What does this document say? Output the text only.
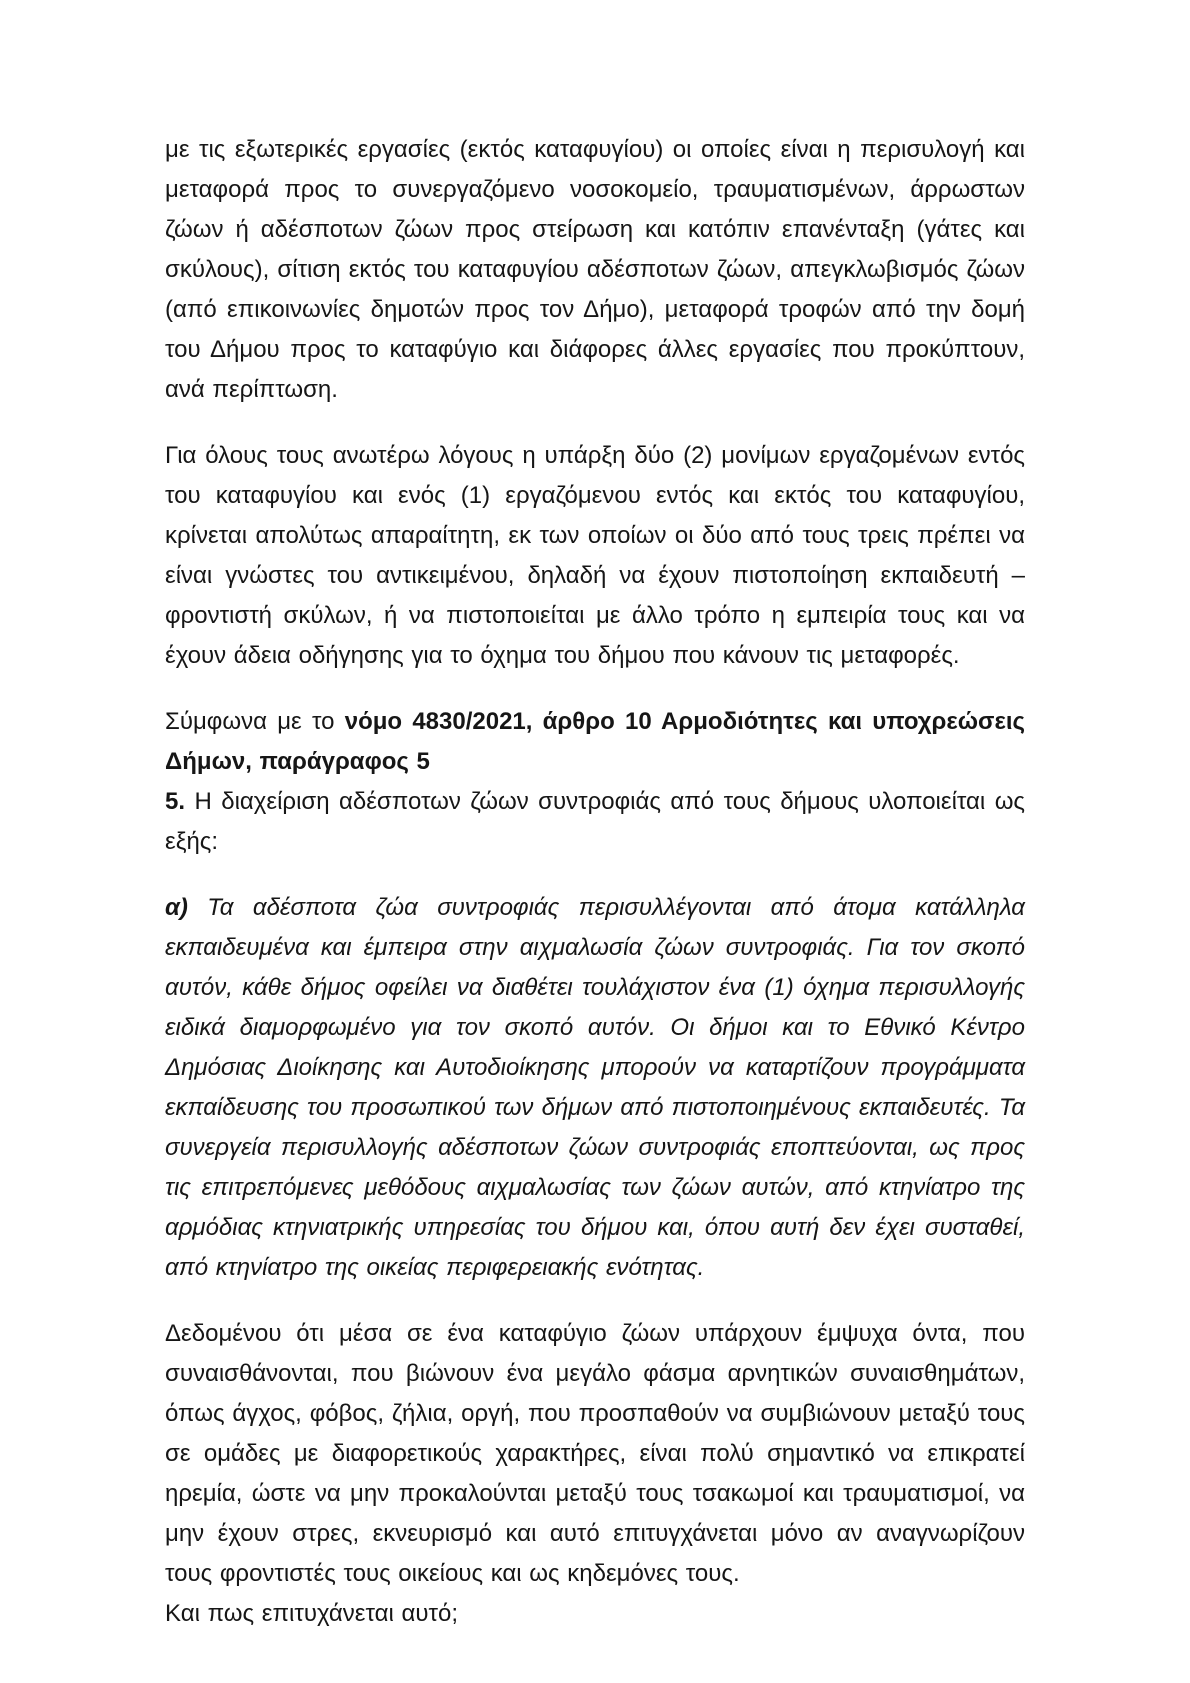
με τις εξωτερικές εργασίες (εκτός καταφυγίου) οι οποίες είναι η περισυλογή και μεταφορά προς το συνεργαζόμενο νοσοκομείο, τραυματισμένων, άρρωστων ζώων ή αδέσποτων ζώων προς στείρωση και κατόπιν επανένταξη (γάτες και σκύλους), σίτιση εκτός του καταφυγίου αδέσποτων ζώων, απεγκλωβισμός ζώων (από επικοινωνίες δημοτών προς τον Δήμο), μεταφορά τροφών από την δομή του Δήμου προς το καταφύγιο και διάφορες άλλες εργασίες που προκύπτουν, ανά περίπτωση.

Για όλους τους ανωτέρω λόγους η υπάρξη δύο (2) μονίμων εργαζομένων εντός του καταφυγίου και ενός (1) εργαζόμενου εντός και εκτός του καταφυγίου, κρίνεται απολύτως απαραίτητη, εκ των οποίων οι δύο από τους τρεις πρέπει να είναι γνώστες του αντικειμένου, δηλαδή να έχουν πιστοποίηση εκπαιδευτή – φροντιστή σκύλων, ή να πιστοποιείται με άλλο τρόπο η εμπειρία τους και να έχουν άδεια οδήγησης για το όχημα του δήμου που κάνουν τις μεταφορές.

Σύμφωνα με το νόμο 4830/2021, άρθρο 10 Αρμοδιότητες και υποχρεώσεις Δήμων, παράγραφος 5

5. Η διαχείριση αδέσποτων ζώων συντροφιάς από τους δήμους υλοποιείται ως εξής:

α) Τα αδέσποτα ζώα συντροφιάς περισυλλέγονται από άτομα κατάλληλα εκπαιδευμένα και έμπειρα στην αιχμαλωσία ζώων συντροφιάς. Για τον σκοπό αυτόν, κάθε δήμος οφείλει να διαθέτει τουλάχιστον ένα (1) όχημα περισυλλογής ειδικά διαμορφωμένο για τον σκοπό αυτόν. Οι δήμοι και το Εθνικό Κέντρο Δημόσιας Διοίκησης και Αυτοδιοίκησης μπορούν να καταρτίζουν προγράμματα εκπαίδευσης του προσωπικού των δήμων από πιστοποιημένους εκπαιδευτές. Τα συνεργεία περισυλλογής αδέσποτων ζώων συντροφιάς εποπτεύονται, ως προς τις επιτρεπόμενες μεθόδους αιχμαλωσίας των ζώων αυτών, από κτηνίατρο της αρμόδιας κτηνιατρικής υπηρεσίας του δήμου και, όπου αυτή δεν έχει συσταθεί, από κτηνίατρο της οικείας περιφερειακής ενότητας.

Δεδομένου ότι μέσα σε ένα καταφύγιο ζώων υπάρχουν έμψυχα όντα, που συναισθάνονται, που βιώνουν ένα μεγάλο φάσμα αρνητικών συναισθημάτων, όπως άγχος, φόβος, ζήλια, οργή, που προσπαθούν να συμβιώνουν μεταξύ τους σε ομάδες με διαφορετικούς χαρακτήρες, είναι πολύ σημαντικό να επικρατεί ηρεμία, ώστε να μην προκαλούνται μεταξύ τους τσακωμοί και τραυματισμοί, να μην έχουν στρες, εκνευρισμό και αυτό επιτυγχάνεται μόνο αν αναγνωρίζουν τους φροντιστές τους οικείους και ως κηδεμόνες τους.

Και πως επιτυχάνεται αυτό;
